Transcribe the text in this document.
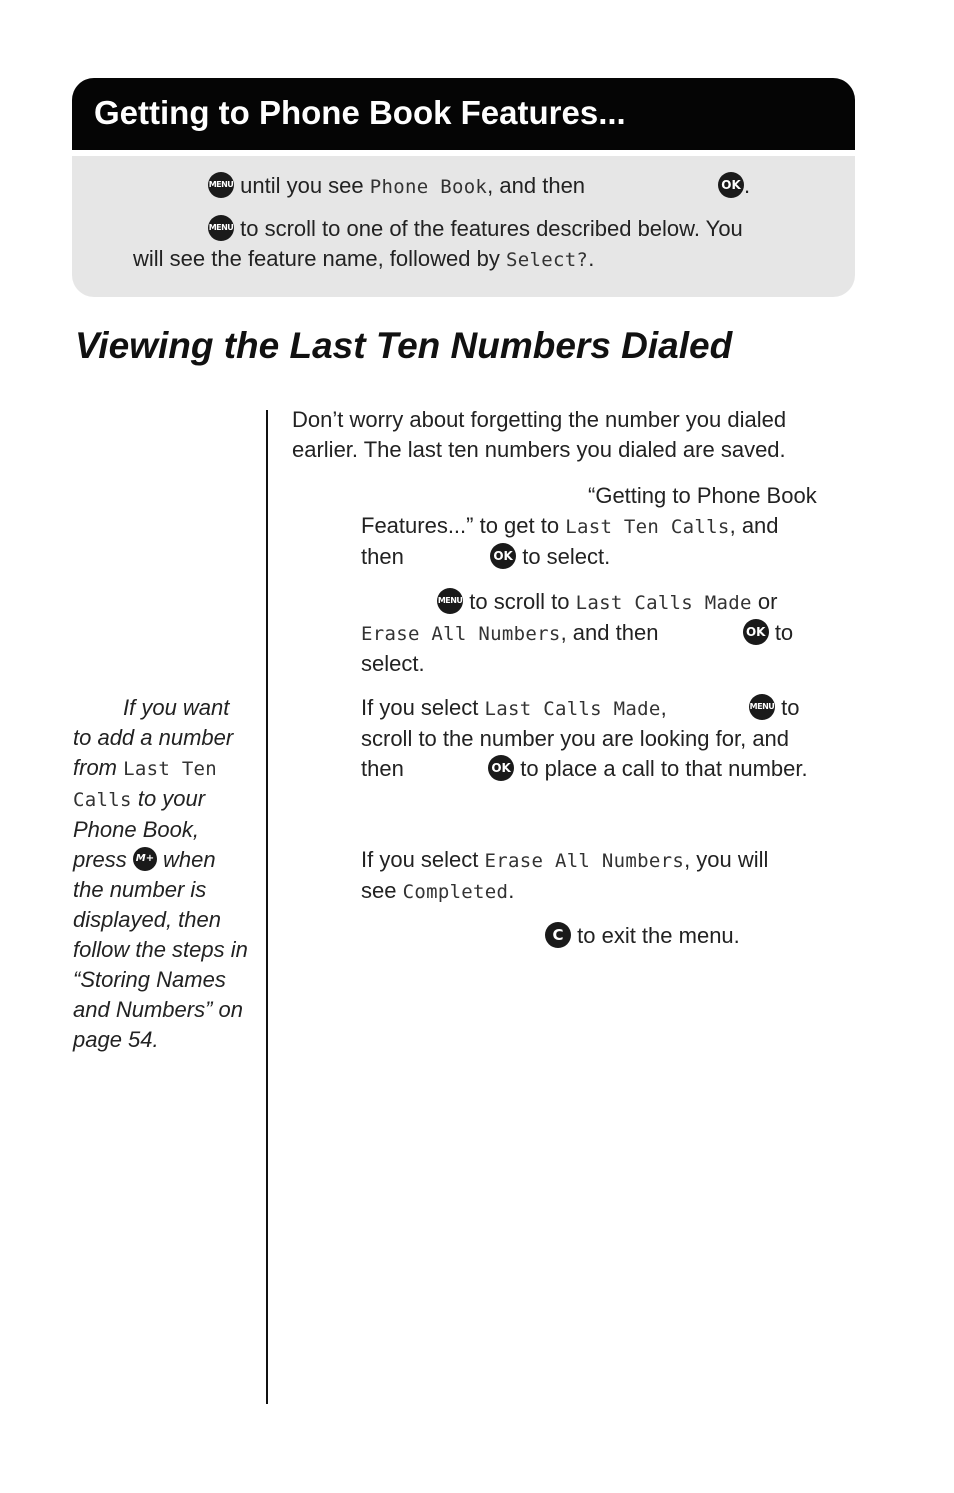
Getting to Phone Book Features...

MENU until you see Phone Book, and then	OK .

MENU to scroll to one of the features described below. You

will see the feature name, followed by Select?.

Viewing the Last Ten Numbers Dialed

If you want to add a number from Last Ten Calls to your Phone Book, press M+ when the number is displayed, then follow the steps in “Storing Names and Numbers” on page 54.

Don’t worry about forgetting the number you dialed
earlier. The last ten numbers you dialed are saved.

“Getting to Phone Book
Features...” to get to Last Ten Calls, and
then	OK to select.

MENU to scroll to Last Calls Made or
Erase All Numbers, and then	OK to
select.

If you select Last Calls Made,	MENU to
scroll to the number you are looking for, and
then	OK to place a call to that number.

If you select Erase All Numbers, you will
see Completed.

C to exit the menu.
